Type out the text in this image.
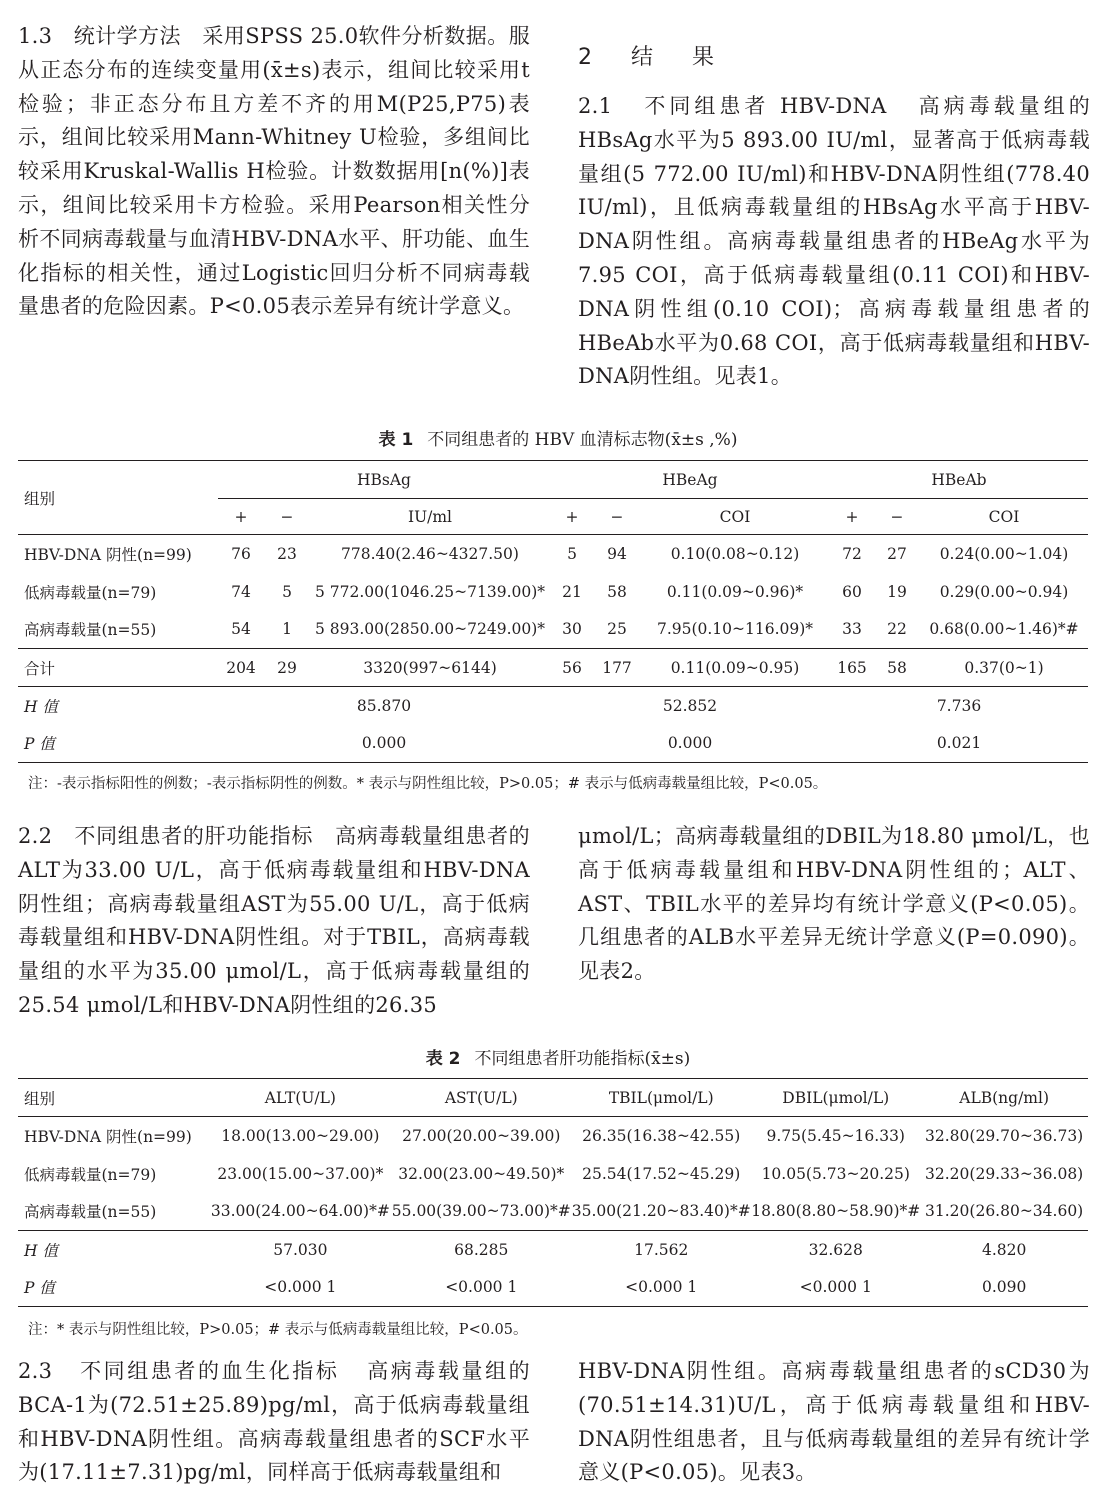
1.3 统计学方法 采用SPSS 25.0软件分析数据。服从正态分布的连续变量用(x̄±s)表示，组间比较采用t检验；非正态分布且方差不齐的用M(P25,P75)表示，组间比较采用Mann-Whitney U检验，多组间比较采用Kruskal-Wallis H检验。计数数据用[n(%)]表示，组间比较采用卡方检验。采用Pearson相关性分析不同病毒载量与血清HBV-DNA水平、肝功能、血生化指标的相关性，通过Logistic回归分析不同病毒载量患者的危险因素。P<0.05表示差异有统计学意义。

2 结 果

2.1 不同组患者 HBV-DNA 高病毒载量组的HBsAg水平为5 893.00 IU/ml，显著高于低病毒载量组(5 772.00 IU/ml)和HBV-DNA阴性组(778.40 IU/ml)，且低病毒载量组的HBsAg水平高于HBV-DNA阴性组。高病毒载量组患者的HBeAg水平为7.95 COI，高于低病毒载量组(0.11 COI)和HBV-DNA阴性组(0.10 COI)；高病毒载量组患者的HBeAb水平为0.68 COI，高于低病毒载量组和HBV-DNA阴性组。见表1。

表 1 不同组患者的 HBV 血清标志物(x̄±s ,%)
组别	HBsAg			HBeAg			HBeAb		
	+	−	IU/ml	+	−	COI	+	−	COI
HBV-DNA 阴性(n=99)	76	23	778.40(2.46~4327.50)	5	94	0.10(0.08~0.12)	72	27	0.24(0.00~1.04)
低病毒载量(n=79)	74	5	5 772.00(1046.25~7139.00)*	21	58	0.11(0.09~0.96)*	60	19	0.29(0.00~0.94)
高病毒载量(n=55)	54	1	5 893.00(2850.00~7249.00)*	30	25	7.95(0.10~116.09)*	33	22	0.68(0.00~1.46)*#
合计	204	29	3320(997~6144)	56	177	0.11(0.09~0.95)	165	58	0.37(0~1)
H 值	85.870			52.852			7.736		
P 值	0.000			0.000			0.021		
注：-表示指标阳性的例数；-表示指标阴性的例数。* 表示与阴性组比较，P>0.05；# 表示与低病毒载量组比较，P<0.05。

2.2 不同组患者的肝功能指标 高病毒载量组患者的ALT为33.00 U/L，高于低病毒载量组和HBV-DNA阴性组；高病毒载量组AST为55.00 U/L，高于低病毒载量组和HBV-DNA阴性组。对于TBIL，高病毒载量组的水平为35.00 μmol/L，高于低病毒载量组的25.54 μmol/L和HBV-DNA阴性组的26.35

μmol/L；高病毒载量组的DBIL为18.80 μmol/L，也高于低病毒载量组和HBV-DNA阴性组的；ALT、AST、TBIL水平的差异均有统计学意义(P<0.05)。几组患者的ALB水平差异无统计学意义(P=0.090)。见表2。

表 2 不同组患者肝功能指标(x̄±s)
组别	ALT(U/L)	AST(U/L)	TBIL(μmol/L)	DBIL(μmol/L)	ALB(ng/ml)
HBV-DNA 阴性(n=99)	18.00(13.00~29.00)	27.00(20.00~39.00)	26.35(16.38~42.55)	9.75(5.45~16.33)	32.80(29.70~36.73)
低病毒载量(n=79)	23.00(15.00~37.00)*	32.00(23.00~49.50)*	25.54(17.52~45.29)	10.05(5.73~20.25)	32.20(29.33~36.08)
高病毒载量(n=55)	33.00(24.00~64.00)*#	55.00(39.00~73.00)*#	35.00(21.20~83.40)*#	18.80(8.80~58.90)*#	31.20(26.80~34.60)
H 值	57.030	68.285	17.562	32.628	4.820
P 值	<0.000 1	<0.000 1	<0.000 1	<0.000 1	0.090
注：* 表示与阴性组比较，P>0.05；# 表示与低病毒载量组比较，P<0.05。

2.3 不同组患者的血生化指标 高病毒载量组的BCA-1为(72.51±25.89)pg/ml，高于低病毒载量组和HBV-DNA阴性组。高病毒载量组患者的SCF水平为(17.11±7.31)pg/ml，同样高于低病毒载量组和

HBV-DNA阴性组。高病毒载量组患者的sCD30为(70.51±14.31)U/L，高于低病毒载量组和HBV-DNA阴性组患者，且与低病毒载量组的差异有统计学意义(P<0.05)。见表3。
